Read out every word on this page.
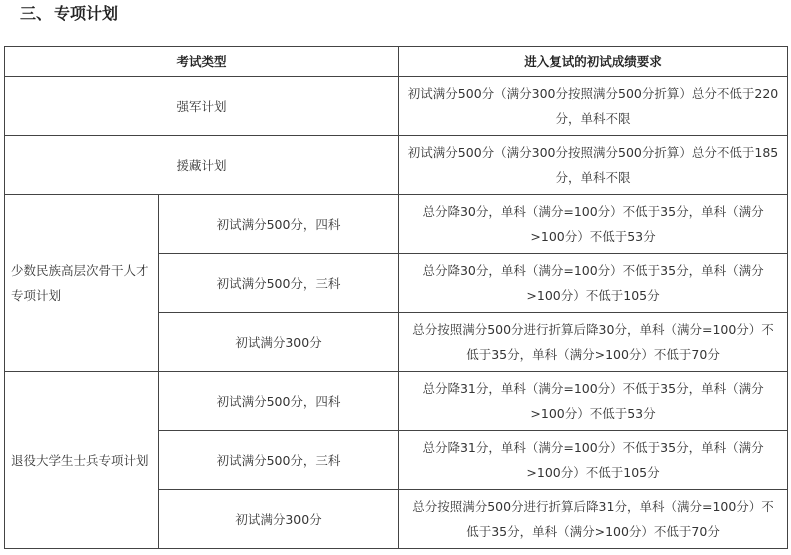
三、 专项计划
考试类型		进入复试的初试成绩要求
强军计划		初试满分500分（满分300分按照满分500分折算）总分不低于220分，单科不限
援藏计划		初试满分500分（满分300分按照满分500分折算）总分不低于185分，单科不限
少数民族高层次骨干人才专项计划	初试满分500分，四科	总分降30分，单科（满分=100分）不低于35分，单科（满分>100分）不低于53分
	初试满分500分，三科	总分降30分，单科（满分=100分）不低于35分，单科（满分>100分）不低于105分
	初试满分300分	总分按照满分500分进行折算后降30分，单科（满分=100分）不低于35分，单科（满分>100分）不低于70分
退役大学生士兵专项计划	初试满分500分，四科	总分降31分，单科（满分=100分）不低于35分，单科（满分>100分）不低于53分
	初试满分500分，三科	总分降31分，单科（满分=100分）不低于35分，单科（满分>100分）不低于105分
	初试满分300分	总分按照满分500分进行折算后降31分，单科（满分=100分）不低于35分，单科（满分>100分）不低于70分
